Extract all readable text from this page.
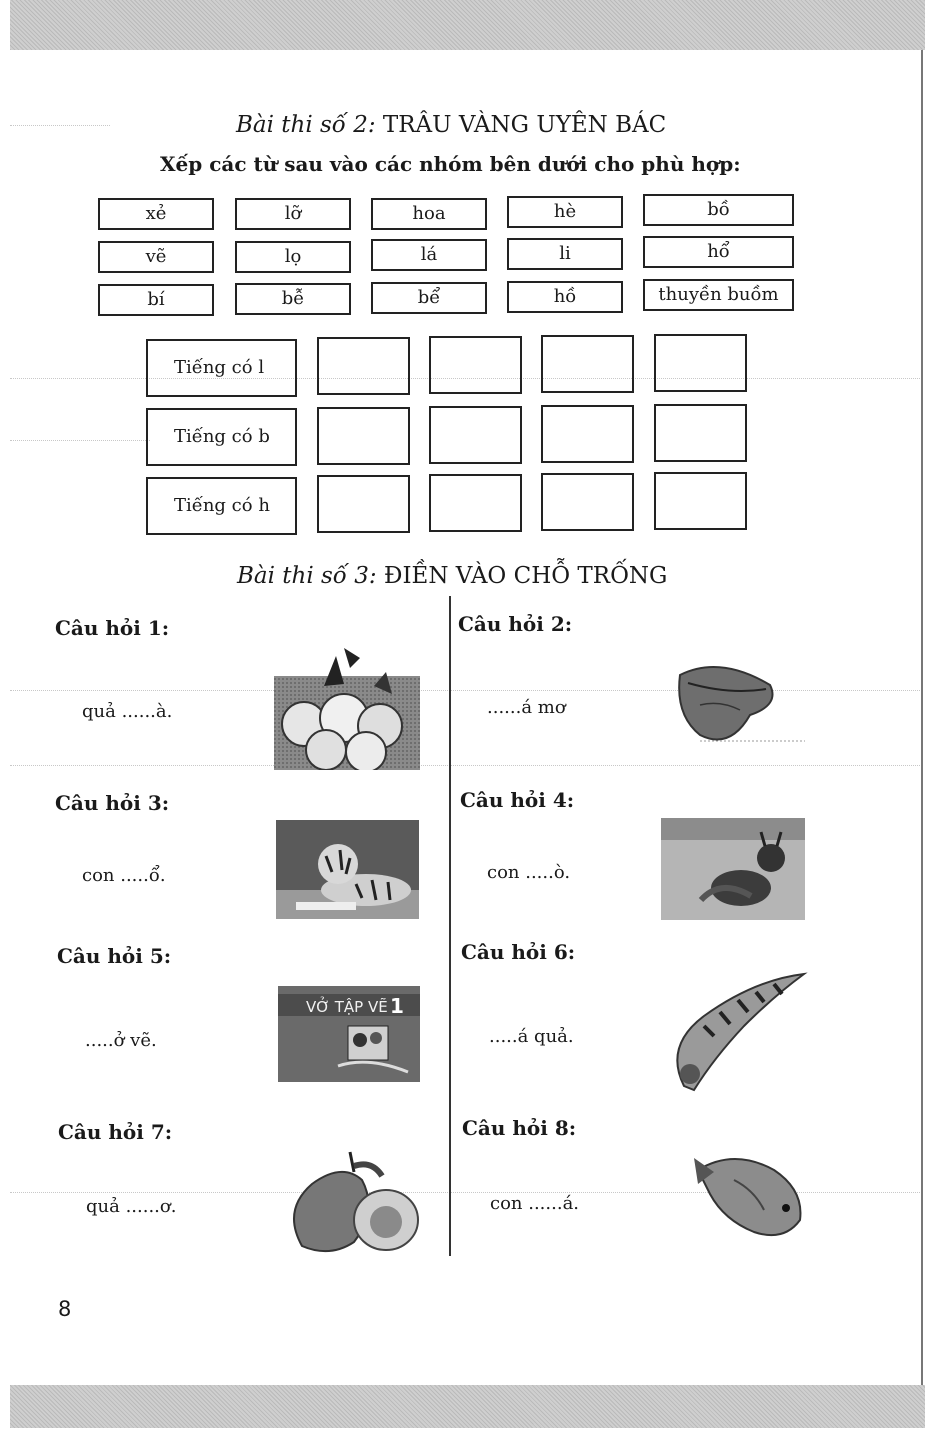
Bài thi số 2: TRÂU VÀNG UYÊN BÁC
Xếp các từ sau vào các nhóm bên dưới cho phù hợp:
xẻ	lỡ	hoa	hè	bồ
vẽ	lọ	lá	li	hổ
bí	bễ	bể	hồ	thuyền buồm
Tiếng có l
Tiếng có b
Tiếng có h
Bài thi số 3: ĐIỀN VÀO CHỖ TRỐNG
Câu hỏi 1:
quả ......à.
Câu hỏi 2:
......á mơ
Câu hỏi 3:
con .....ổ.
Câu hỏi 4:
con .....ò.
Câu hỏi 5:
.....ở vẽ.
VỞ TẬP VẼ 1
Câu hỏi 6:
.....á quả.
Câu hỏi 7:
quả ......ơ.
Câu hỏi 8:
con ......á.
8
